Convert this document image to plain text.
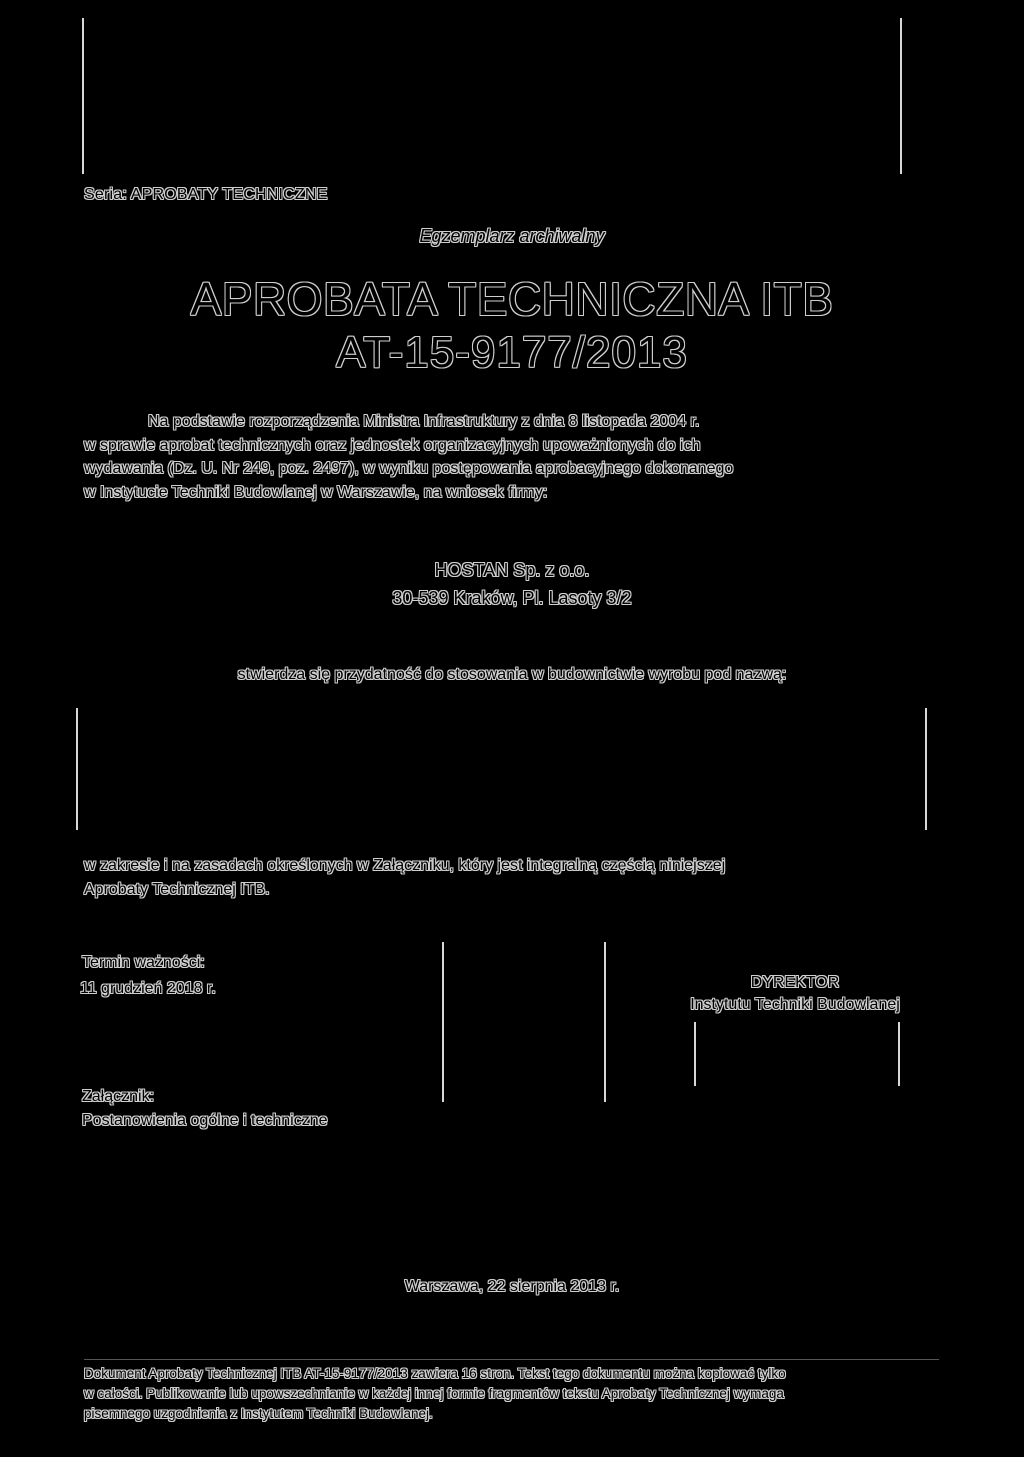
Seria: APROBATY TECHNICZNE
Egzemplarz archiwalny
APROBATA TECHNICZNA ITB
AT-15-9177/2013
Na podstawie rozporządzenia Ministra Infrastruktury z dnia 8 listopada 2004 r.
w sprawie aprobat technicznych oraz jednostek organizacyjnych upoważnionych do ich
wydawania (Dz. U. Nr 249, poz. 2497), w wyniku postępowania aprobacyjnego dokonanego
w Instytucie Techniki Budowlanej w Warszawie, na wniosek firmy:
HOSTAN Sp. z o.o.
30-539 Kraków, Pl. Lasoty 3/2
stwierdza się przydatność do stosowania w budownictwie wyrobu pod nazwą:
w zakresie i na zasadach określonych w Załączniku, który jest integralną częścią niniejszej
Aprobaty Technicznej ITB.
Termin ważności:
11 grudzień 2018 r.	DYREKTOR
Instytutu Techniki Budowlanej
Załącznik:
Postanowienia ogólne i techniczne
Warszawa, 22 sierpnia 2013 r.
Dokument Aprobaty Technicznej ITB AT-15-9177/2013 zawiera 16 stron. Tekst tego dokumentu można kopiować tylko
w całości. Publikowanie lub upowszechnianie w każdej innej formie fragmentów tekstu Aprobaty Technicznej wymaga
pisemnego uzgodnienia z Instytutem Techniki Budowlanej.
